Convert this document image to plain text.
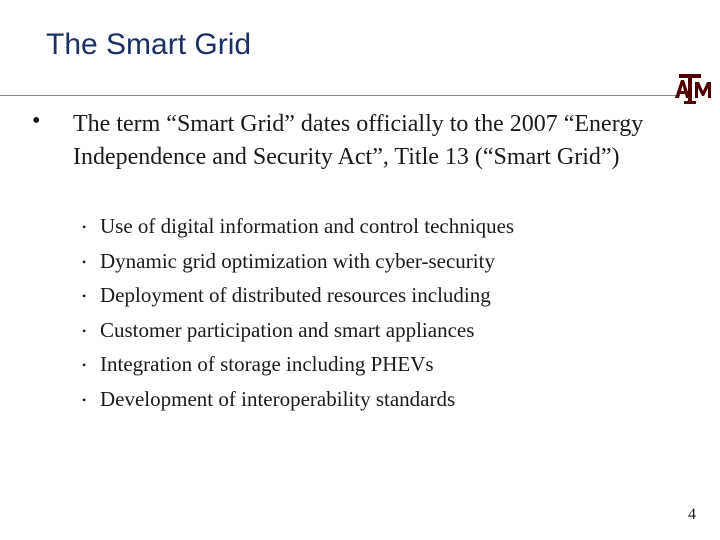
The Smart Grid
• The term “Smart Grid” dates officially to the 2007 “Energy Independence and Security Act”, Title 13 (“Smart Grid”)
• Use of digital information and control techniques
• Dynamic grid optimization with cyber-security
• Deployment of distributed resources including
• Customer participation and smart appliances
• Integration of storage including PHEVs
• Development of interoperability standards
4
